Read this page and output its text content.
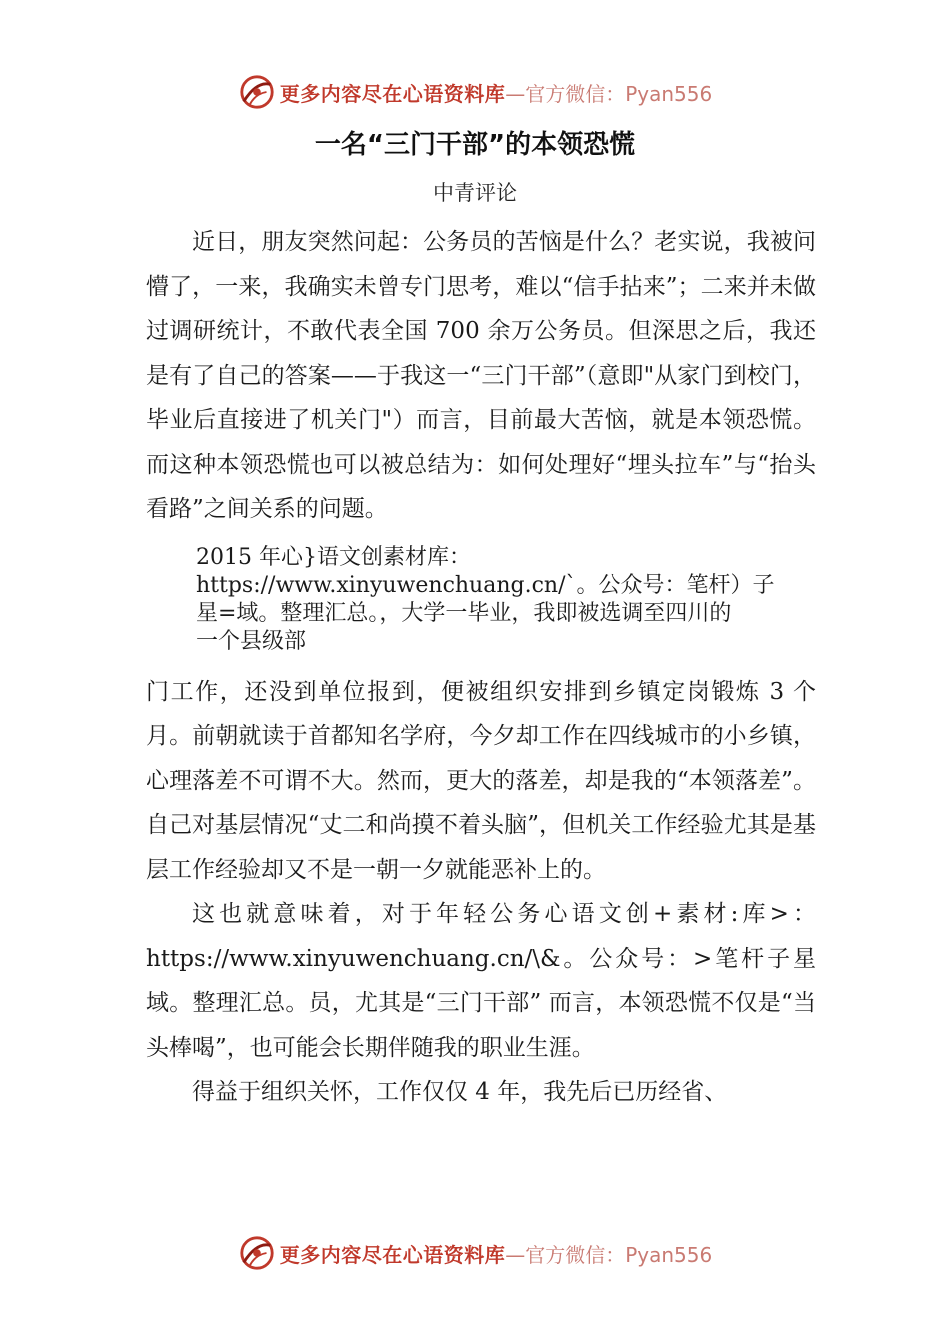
更多内容尽在心语资料库 —官方微信：Pyan556
一名“三门干部”的本领恐慌
中青评论

近日，朋友突然问起：公务员的苦恼是什么？老实说，我被问懵了，一来，我确实未曾专门思考，难以“信手拈来”；二来并未做过调研统计，不敢代表全国 700 余万公务员。但深思之后，我还是有了自己的答案——于我这一“三门干部”（意即"从家门到校门，毕业后直接进了机关门"）而言，目前最大苦恼，就是本领恐慌。而这种本领恐慌也可以被总结为：如何处理好“埋头拉车”与“抬头看路”之间关系的问题。

2015 年心}语文创素材库：
https://www.xinyuwenchuang.cn/`。公众号：笔杆）子
星=域。整理汇总。，大学一毕业，我即被选调至四川的
一个县级部

门工作，还没到单位报到，便被组织安排到乡镇定岗锻炼 3 个月。前朝就读于首都知名学府，今夕却工作在四线城市的小乡镇，心理落差不可谓不大。然而，更大的落差，却是我的“本领落差”。自己对基层情况“丈二和尚摸不着头脑”，但机关工作经验尤其是基层工作经验却又不是一朝一夕就能恶补上的。

这也就意味着，对于年轻公务心语文创+素材:库>：https://www.xinyuwenchuang.cn/\&。公众号：>笔杆子星域。整理汇总。员，尤其是“三门干部” 而言，本领恐慌不仅是“当头棒喝”，也可能会长期伴随我的职业生涯。

得益于组织关怀，工作仅仅 4 年，我先后已历经省、

更多内容尽在心语资料库 —官方微信：Pyan556
